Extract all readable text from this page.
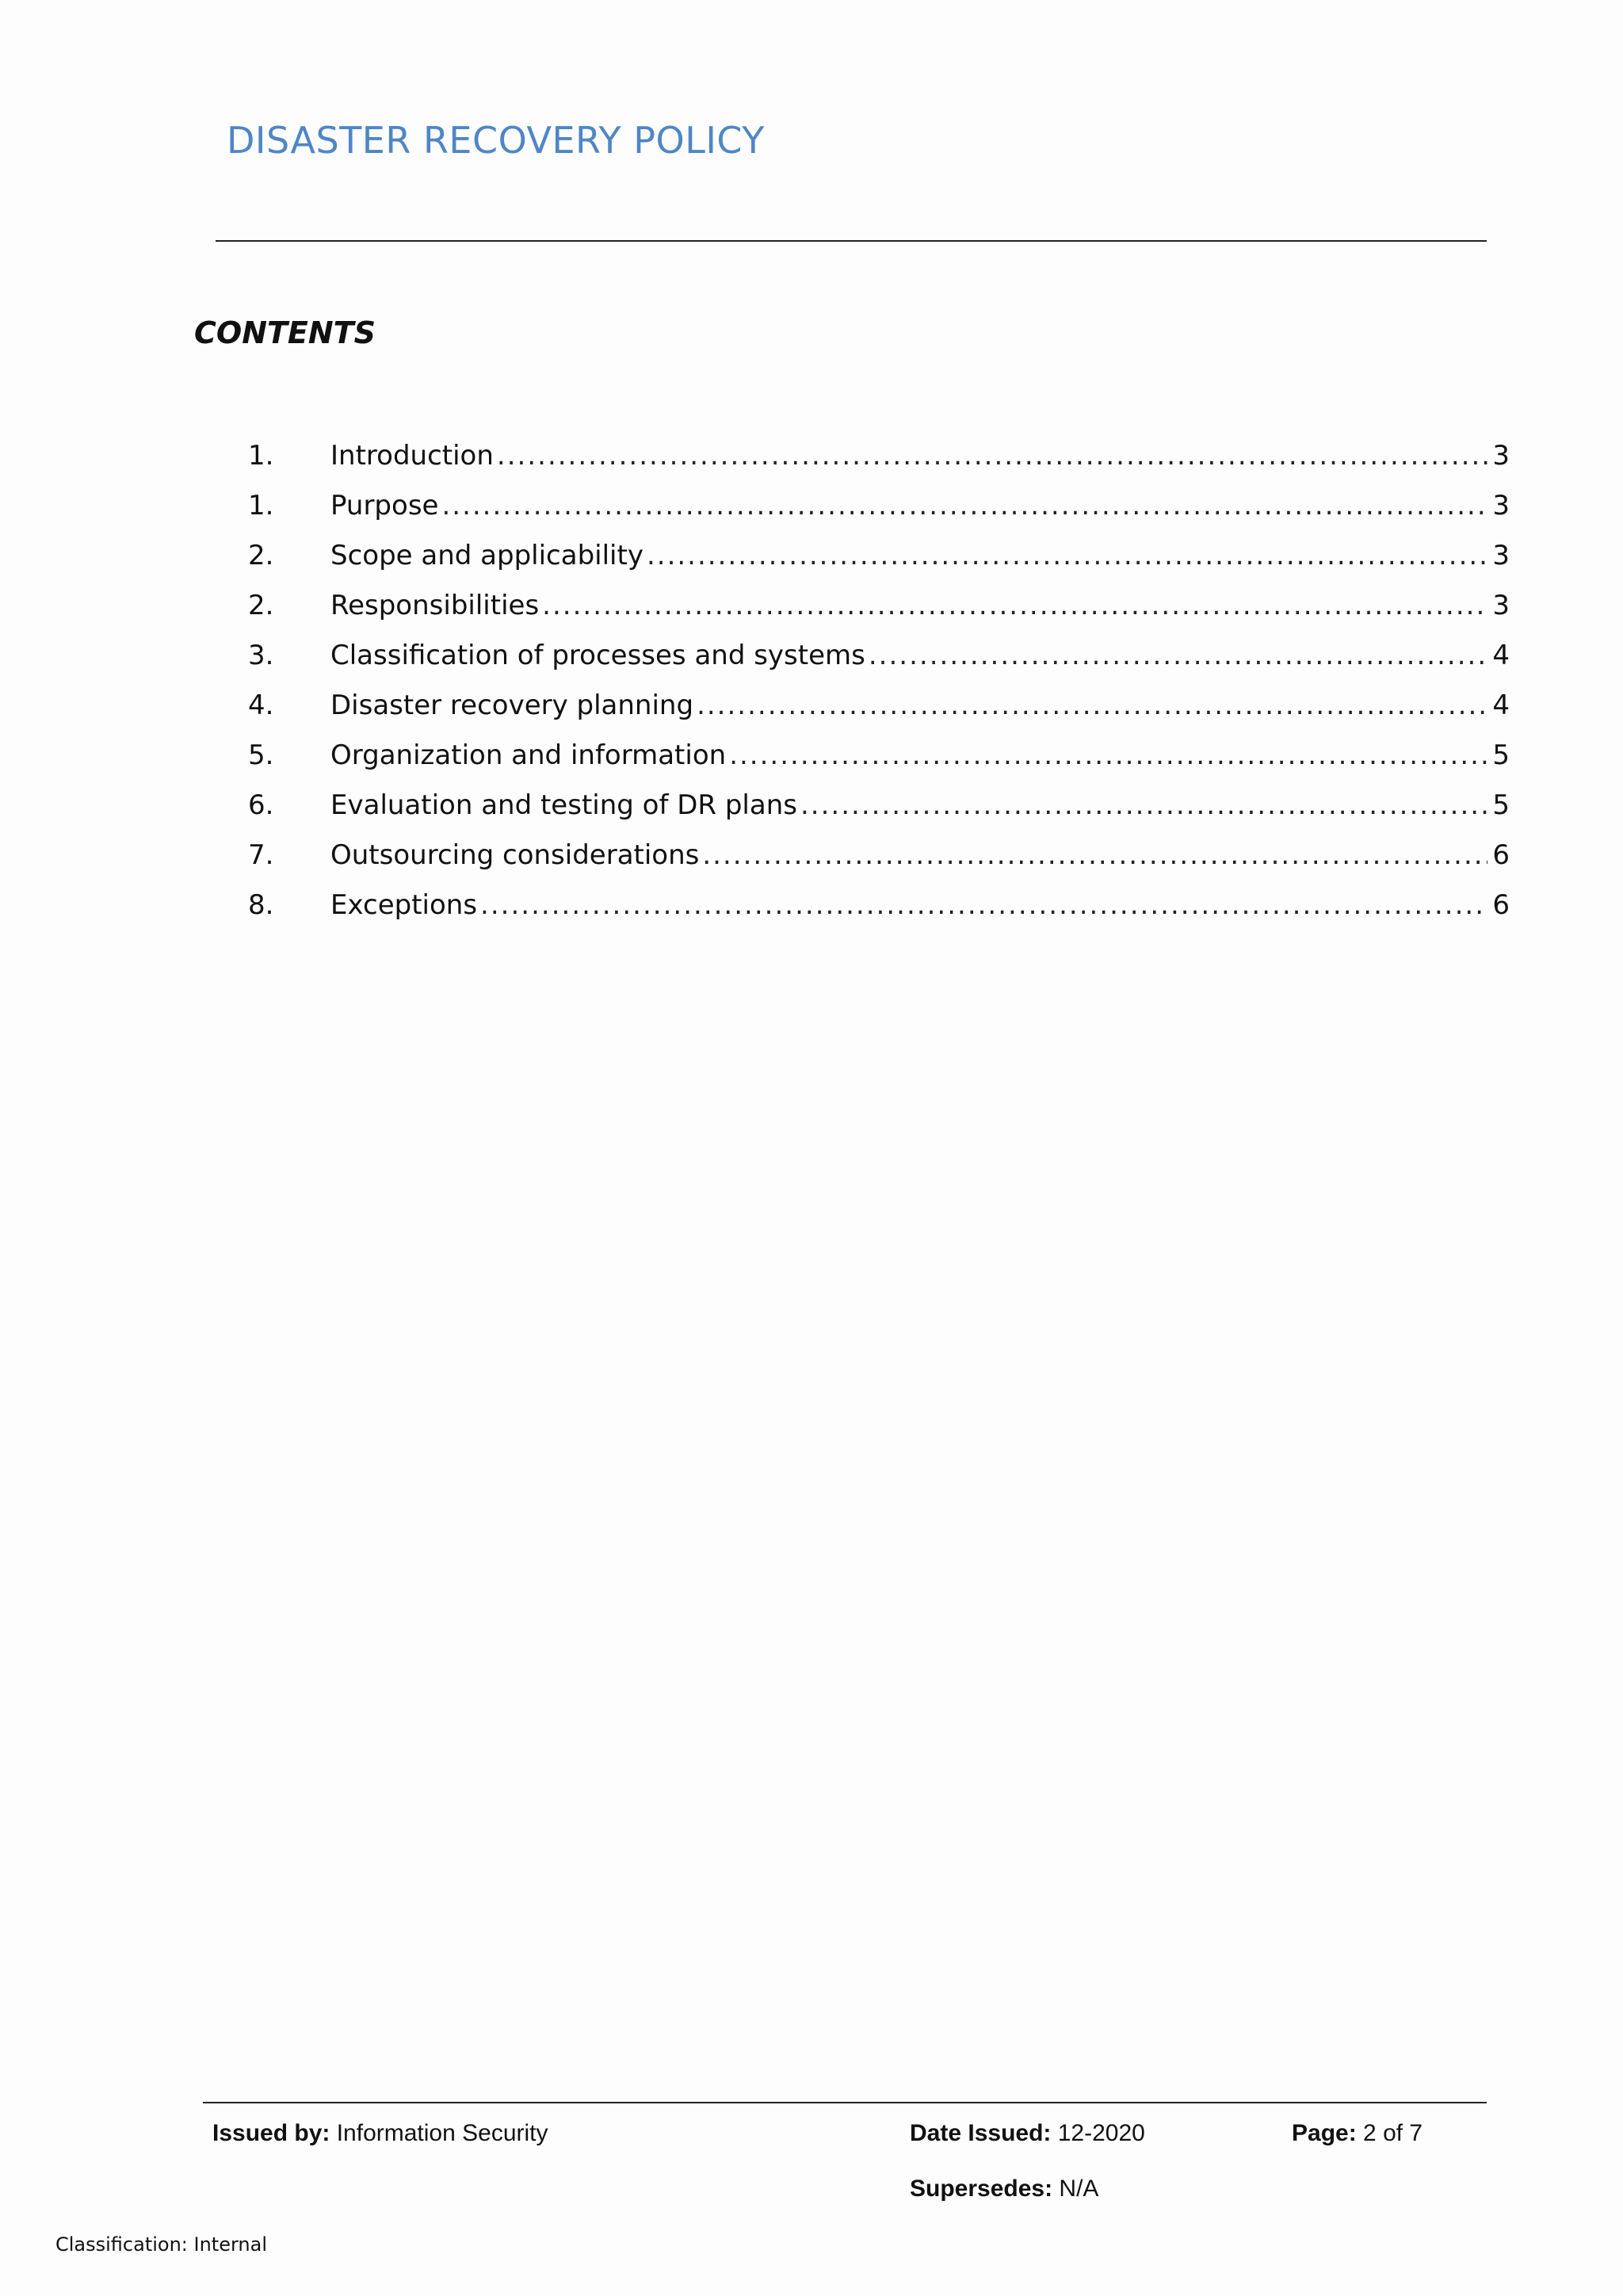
DISASTER RECOVERY POLICY
CONTENTS
1.	Introduction .....	3
1.	Purpose .....	3
2.	Scope and applicability .....	3
2.	Responsibilities .....	3
3.	Classification of processes and systems .....	4
4.	Disaster recovery planning .....	4
5.	Organization and information .....	5
6.	Evaluation and testing of DR plans .....	5
7.	Outsourcing considerations .....	6
8.	Exceptions .....	6
Issued by: Information Security	Date Issued: 12-2020	Page: 2 of 7
Supersedes: N/A
Classification: Internal
